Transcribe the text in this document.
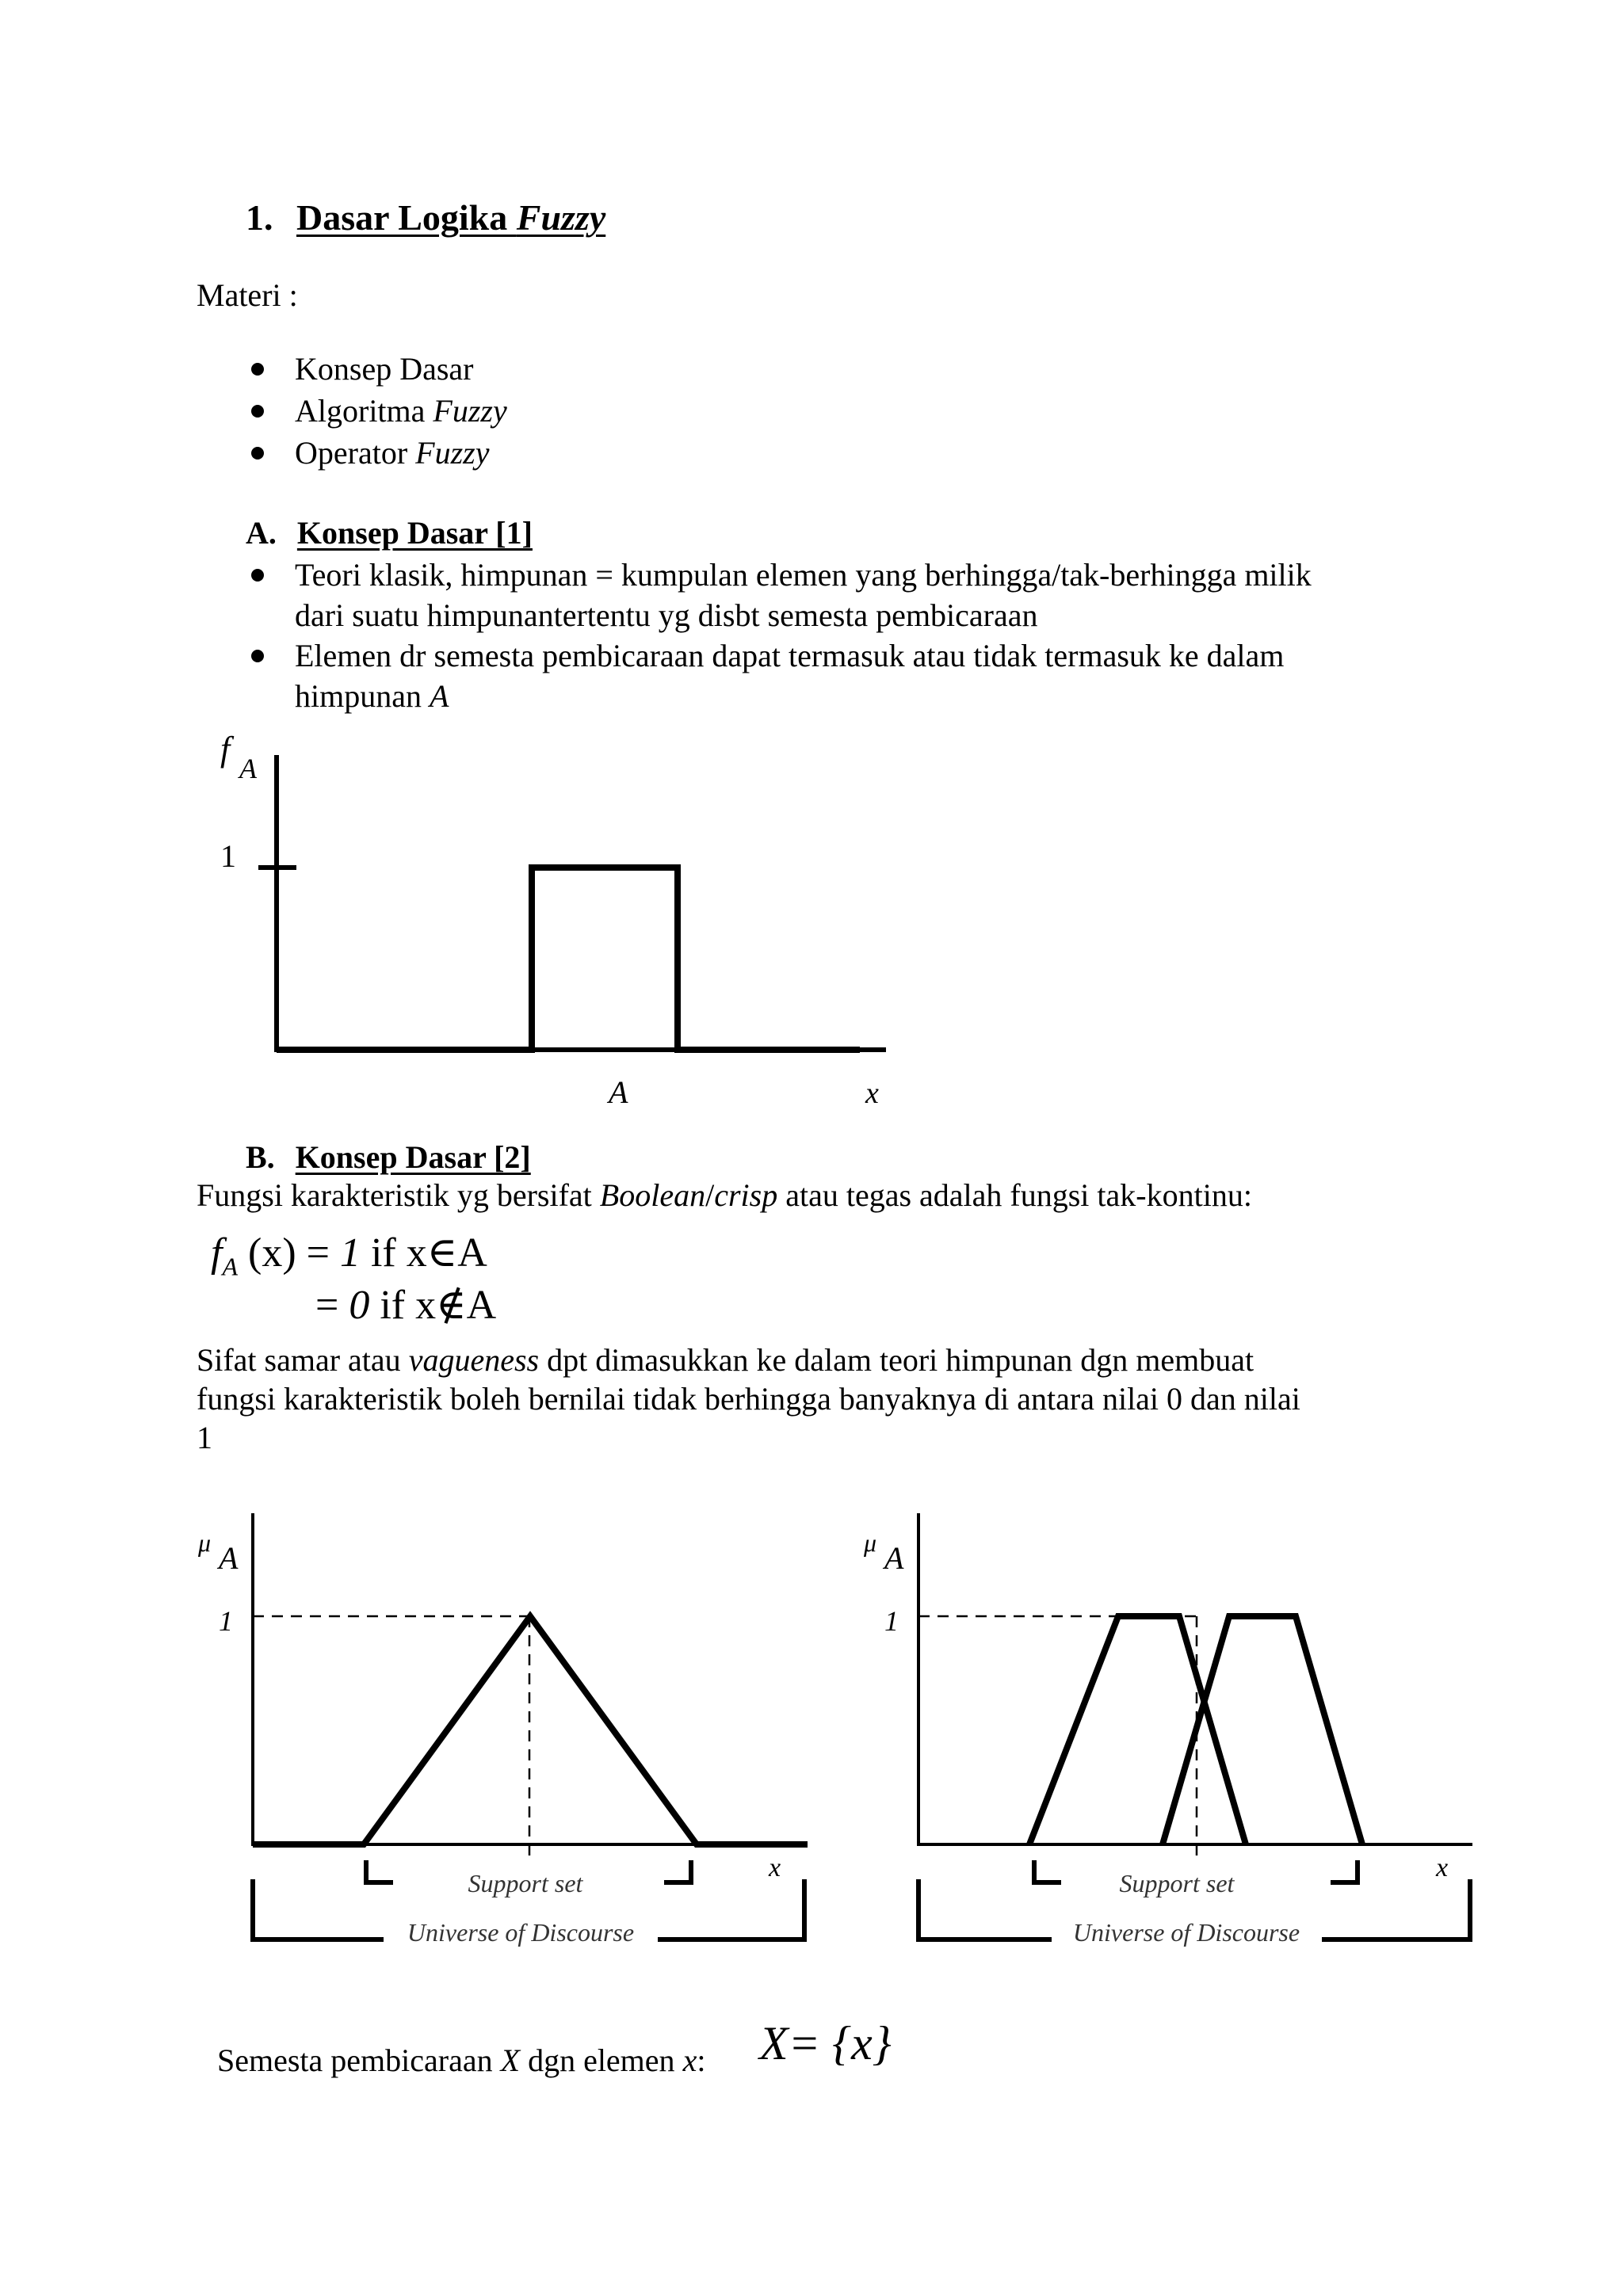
1. Dasar Logika Fuzzy
Materi :
Konsep Dasar
Algoritma Fuzzy
Operator Fuzzy
A. Konsep Dasar [1]
Teori klasik, himpunan = kumpulan elemen yang berhingga/tak-berhingga milik
dari suatu himpunantertentu yg disbt semesta pembicaraan
Elemen dr semesta pembicaraan dapat termasuk atau tidak termasuk ke dalam
himpunan A
f A
1
A	x
B. Konsep Dasar [2]
Fungsi karakteristik yg bersifat Boolean/crisp atau tegas adalah fungsi tak-kontinu:
$f_A$ (x) = 1 if x∈A
= 0 if x∉A
Sifat samar atau vagueness dpt dimasukkan ke dalam teori himpunan dgn membuat
fungsi karakteristik boleh bernilai tidak berhingga banyaknya di antara nilai 0 dan nilai
1
μ A
1
x
Support set
Universe of Discourse
μ A
1
x
Support set
Universe of Discourse
Semesta pembicaraan X dgn elemen x: X= {x}
